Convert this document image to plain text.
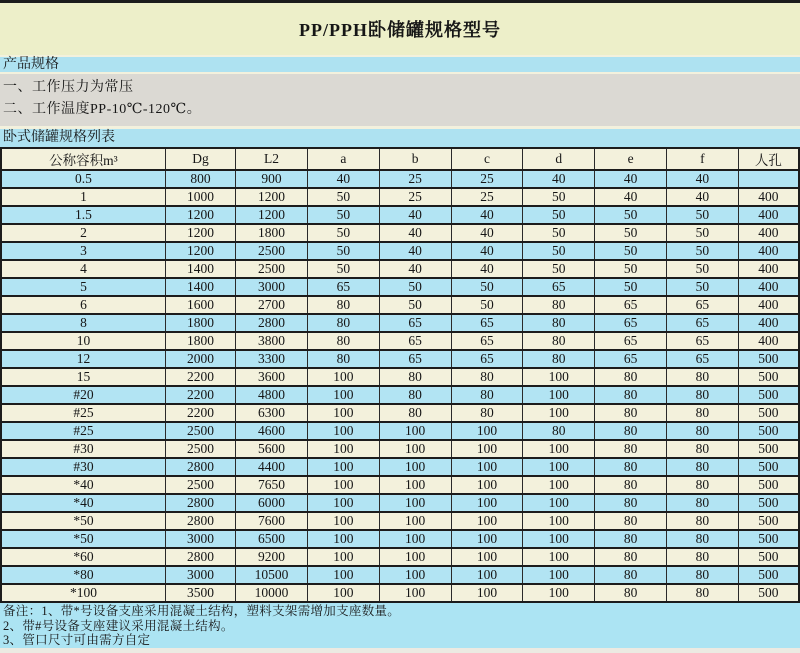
PP/PPH卧储罐规格型号
产品规格
一、工作压力为常压
二、工作温度PP-10℃-120℃。
卧式储罐规格列表
公称容积m³	Dg	L2	a	b	c	d	e	f	人孔
0.5	800	900	40	25	25	40	40	40	
1	1000	1200	50	25	25	50	40	40	400
1.5	1200	1200	50	40	40	50	50	50	400
2	1200	1800	50	40	40	50	50	50	400
3	1200	2500	50	40	40	50	50	50	400
4	1400	2500	50	40	40	50	50	50	400
5	1400	3000	65	50	50	65	50	50	400
6	1600	2700	80	50	50	80	65	65	400
8	1800	2800	80	65	65	80	65	65	400
10	1800	3800	80	65	65	80	65	65	400
12	2000	3300	80	65	65	80	65	65	500
15	2200	3600	100	80	80	100	80	80	500
#20	2200	4800	100	80	80	100	80	80	500
#25	2200	6300	100	80	80	100	80	80	500
#25	2500	4600	100	100	100	80	80	80	500
#30	2500	5600	100	100	100	100	80	80	500
#30	2800	4400	100	100	100	100	80	80	500
*40	2500	7650	100	100	100	100	80	80	500
*40	2800	6000	100	100	100	100	80	80	500
*50	2800	7600	100	100	100	100	80	80	500
*50	3000	6500	100	100	100	100	80	80	500
*60	2800	9200	100	100	100	100	80	80	500
*80	3000	10500	100	100	100	100	80	80	500
*100	3500	10000	100	100	100	100	80	80	500
备注：1、带*号设备支座采用混凝土结构，塑料支架需增加支座数量。
2、带#号设备支座建议采用混凝土结构。
3、管口尺寸可由需方自定
